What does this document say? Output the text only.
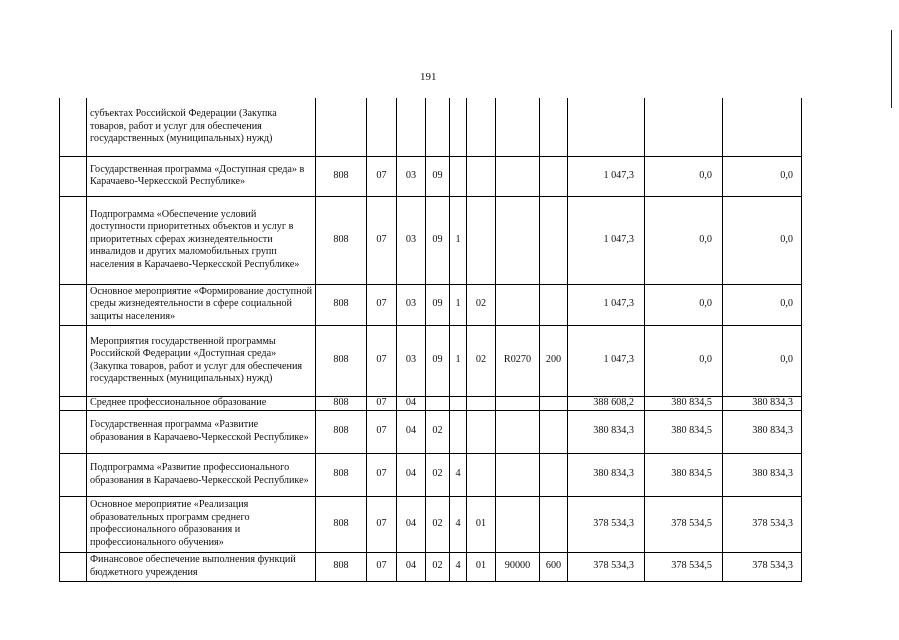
191
	субъектах Российской Федерации (Закупка товаров, работ и услуг для обеспечения государственных (муниципальных) нужд)											
	Государственная программа «Доступная среда» в Карачаево-Черкесской Республике»	808	07	03	09					1 047,3	0,0	0,0
	Подпрограмма «Обеспечение условий доступности приоритетных объектов и услуг в приоритетных сферах жизнедеятельности инвалидов и других маломобильных групп населения в Карачаево-Черкесской Республике»	808	07	03	09	1				1 047,3	0,0	0,0
	Основное мероприятие «Формирование доступной среды жизнедеятельности в сфере социальной защиты населения»	808	07	03	09	1	02			1 047,3	0,0	0,0
	Мероприятия государственной программы Российской Федерации «Доступная среда» (Закупка товаров, работ и услуг для обеспечения государственных (муниципальных) нужд)	808	07	03	09	1	02	R0270	200	1 047,3	0,0	0,0
	Среднее профессиональное образование	808	07	04						388 608,2	380 834,5	380 834,3
	Государственная программа «Развитие образования в Карачаево-Черкесской Республике»	808	07	04	02					380 834,3	380 834,5	380 834,3
	Подпрограмма «Развитие профессионального образования в Карачаево-Черкесской Республике»	808	07	04	02	4				380 834,3	380 834,5	380 834,3
	Основное мероприятие «Реализация образовательных программ среднего профессионального образования и профессионального обучения»	808	07	04	02	4	01			378 534,3	378 534,5	378 534,3
	Финансовое обеспечение выполнения функций бюджетного учреждения	808	07	04	02	4	01	90000	600	378 534,3	378 534,5	378 534,3
